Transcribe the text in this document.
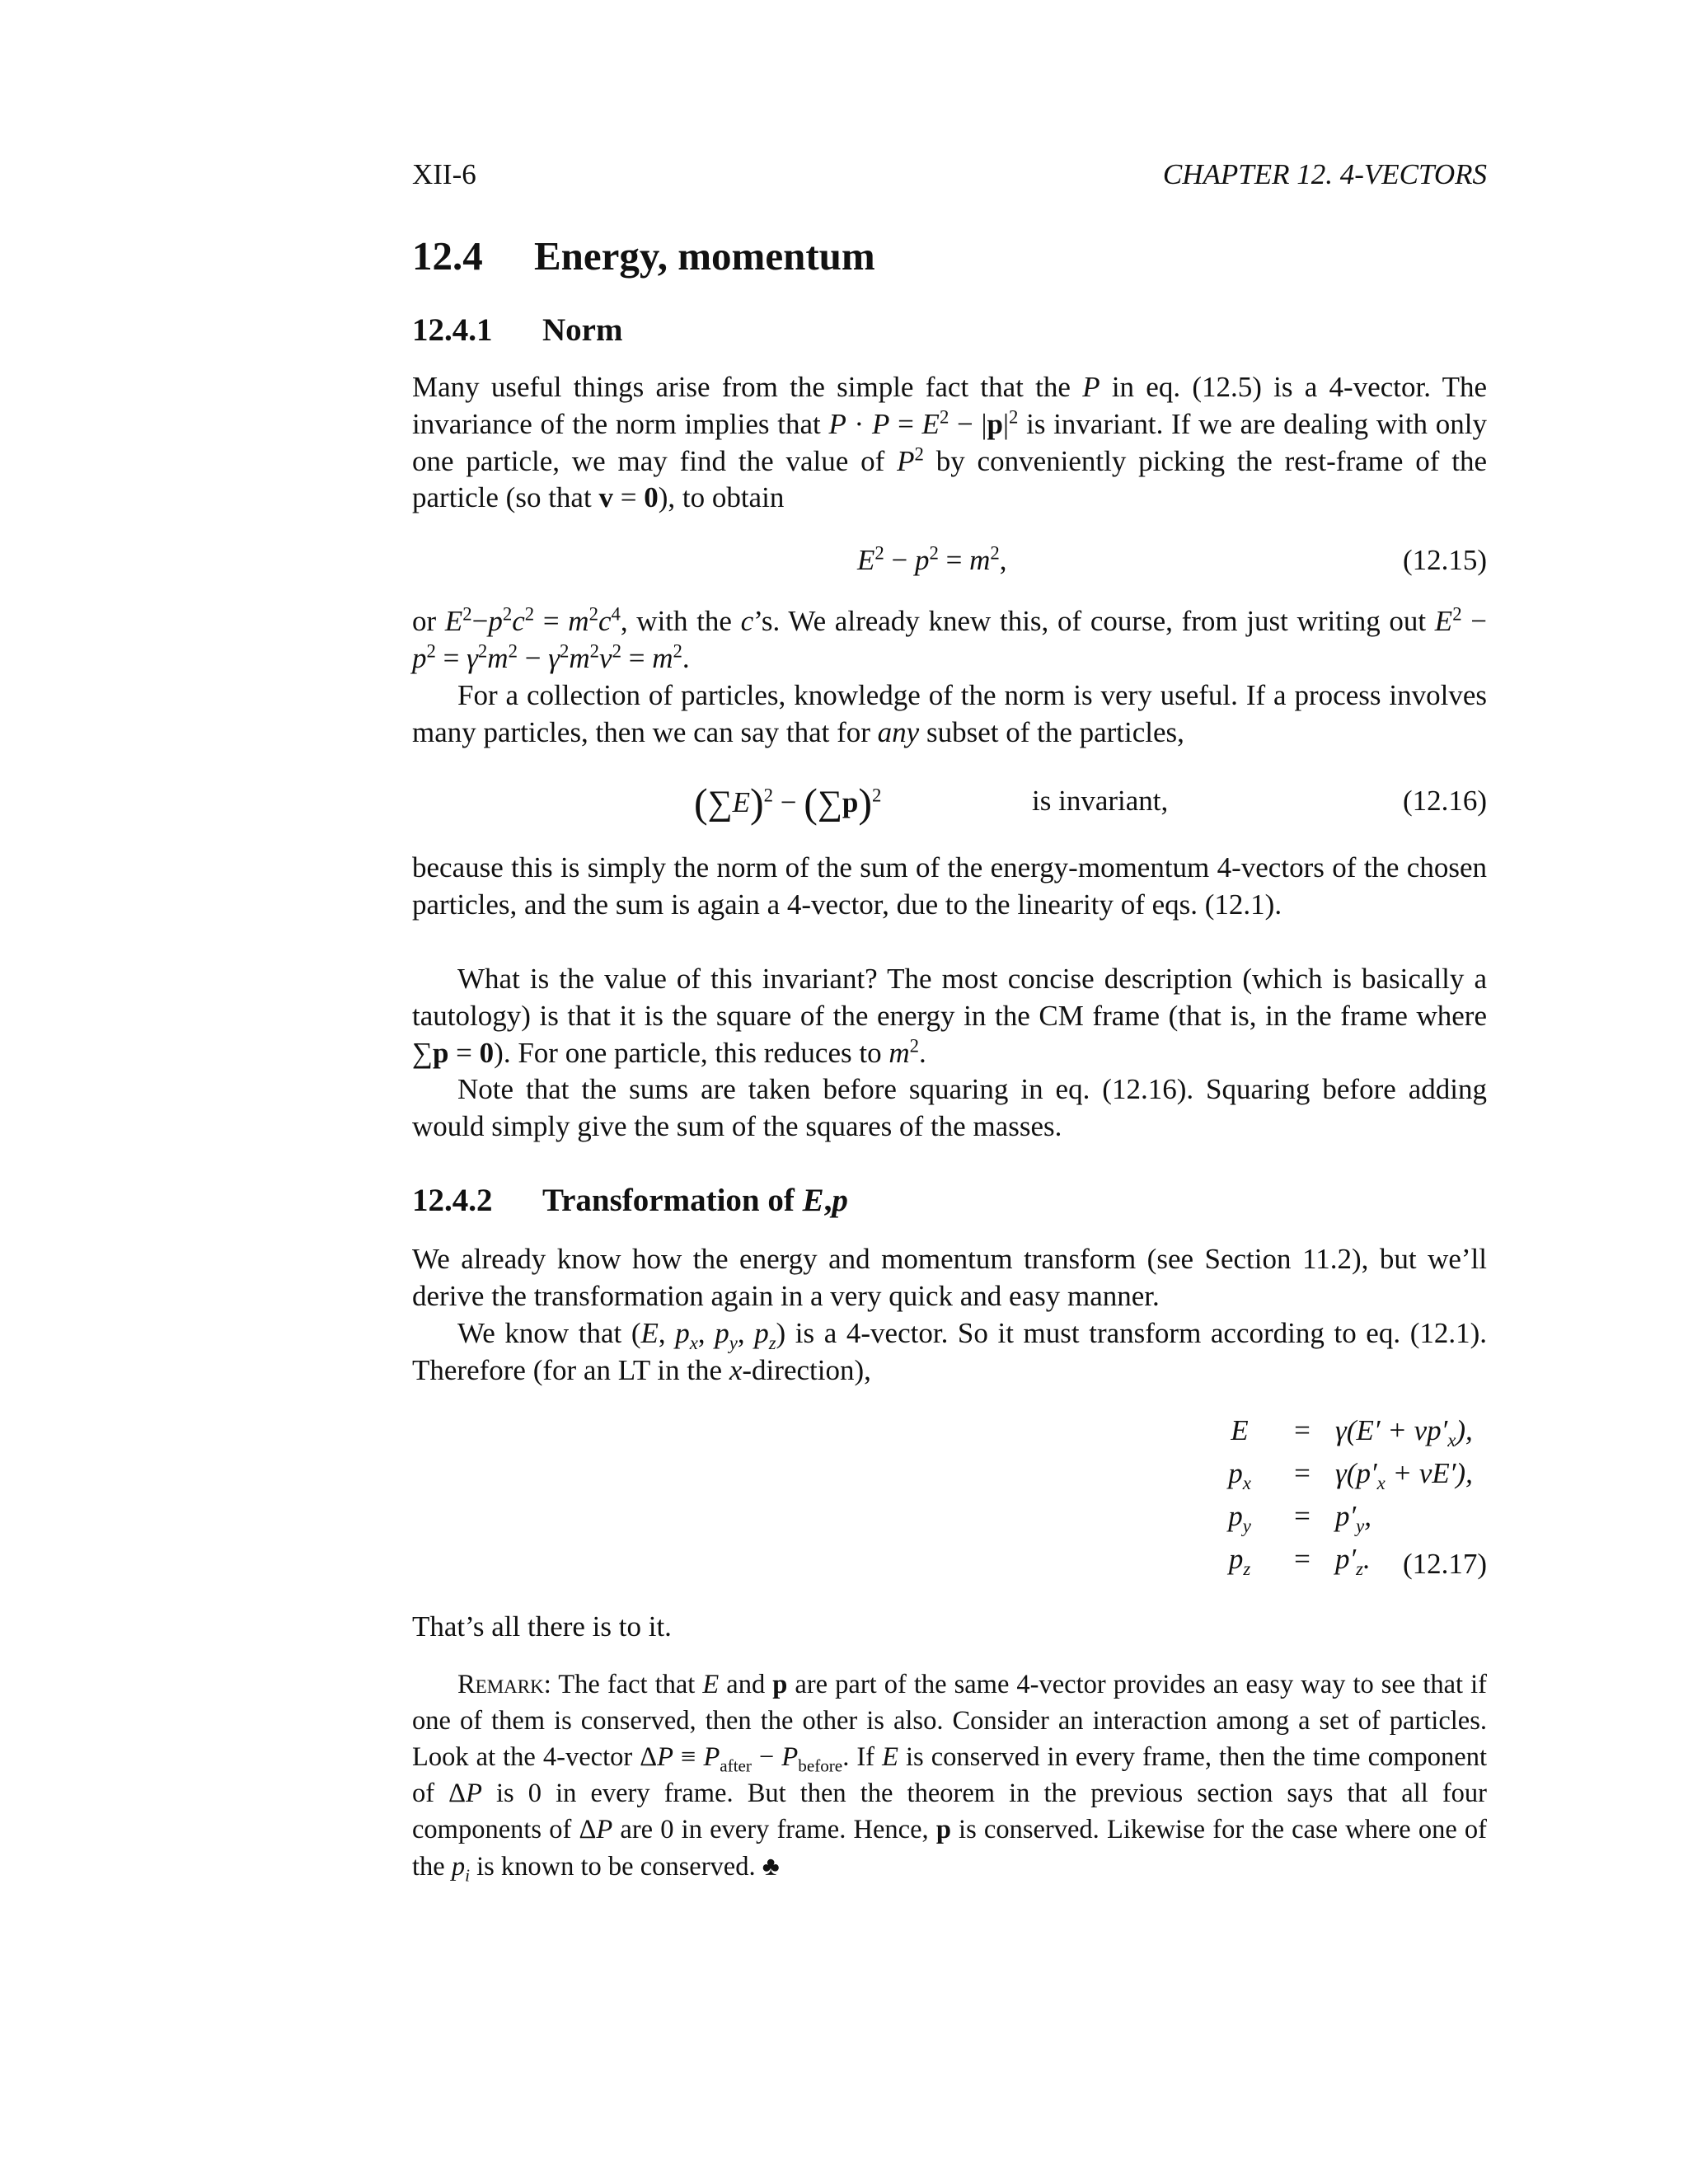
XII-6	CHAPTER 12. 4-VECTORS
12.4 Energy, momentum
12.4.1 Norm

Many useful things arise from the simple fact that the P in eq. (12.5) is a 4-vector. The invariance of the norm implies that $P \cdot P = E^2 - |p|^2$ is invariant. If we are dealing with only one particle, we may find the value of $P^2$ by conveniently picking the rest-frame of the particle (so that v = 0), to obtain

$E^2 - p^2 = m^2$,	(12.15)

or $E^2-p^2c^2 = m^2c^4$, with the c’s. We already knew this, of course, from just writing out $E^2 - p^2 = \gamma^2m^2 - \gamma^2m^2v^2 = m^2$.

For a collection of particles, knowledge of the norm is very useful. If a process involves many particles, then we can say that for any subset of the particles,

$(\sum E)^2 - (\sum p)^2$	is invariant,	(12.16)

because this is simply the norm of the sum of the energy-momentum 4-vectors of the chosen particles, and the sum is again a 4-vector, due to the linearity of eqs. (12.1).

What is the value of this invariant? The most concise description (which is basically a tautology) is that it is the square of the energy in the CM frame (that is, in the frame where ∑p = 0). For one particle, this reduces to $m^2$.

Note that the sums are taken before squaring in eq. (12.16). Squaring before adding would simply give the sum of the squares of the masses.

12.4.2 Transformation of E,p

We already know how the energy and momentum transform (see Section 11.2), but we’ll derive the transformation again in a very quick and easy manner.

We know that (E, $p_x$, $p_y$, $p_z$) is a 4-vector. So it must transform according to eq. (12.1). Therefore (for an LT in the x-direction),

E	=	$\gamma(E' + vp'_x)$,
$p_x$	=	$\gamma(p'_x + vE')$,
$p_y$	=	$p'_y$,
$p_z$	=	$p'_z$. (12.17)

That’s all there is to it.

Remark: The fact that E and p are part of the same 4-vector provides an easy way to see that if one of them is conserved, then the other is also. Consider an interaction among a set of particles. Look at the 4-vector $\Delta P \equiv P_{after} - P_{before}$. If E is conserved in every frame, then the time component of ΔP is 0 in every frame. But then the theorem in the previous section says that all four components of ΔP are 0 in every frame. Hence, p is conserved. Likewise for the case where one of the $p_i$ is known to be conserved. ♣
